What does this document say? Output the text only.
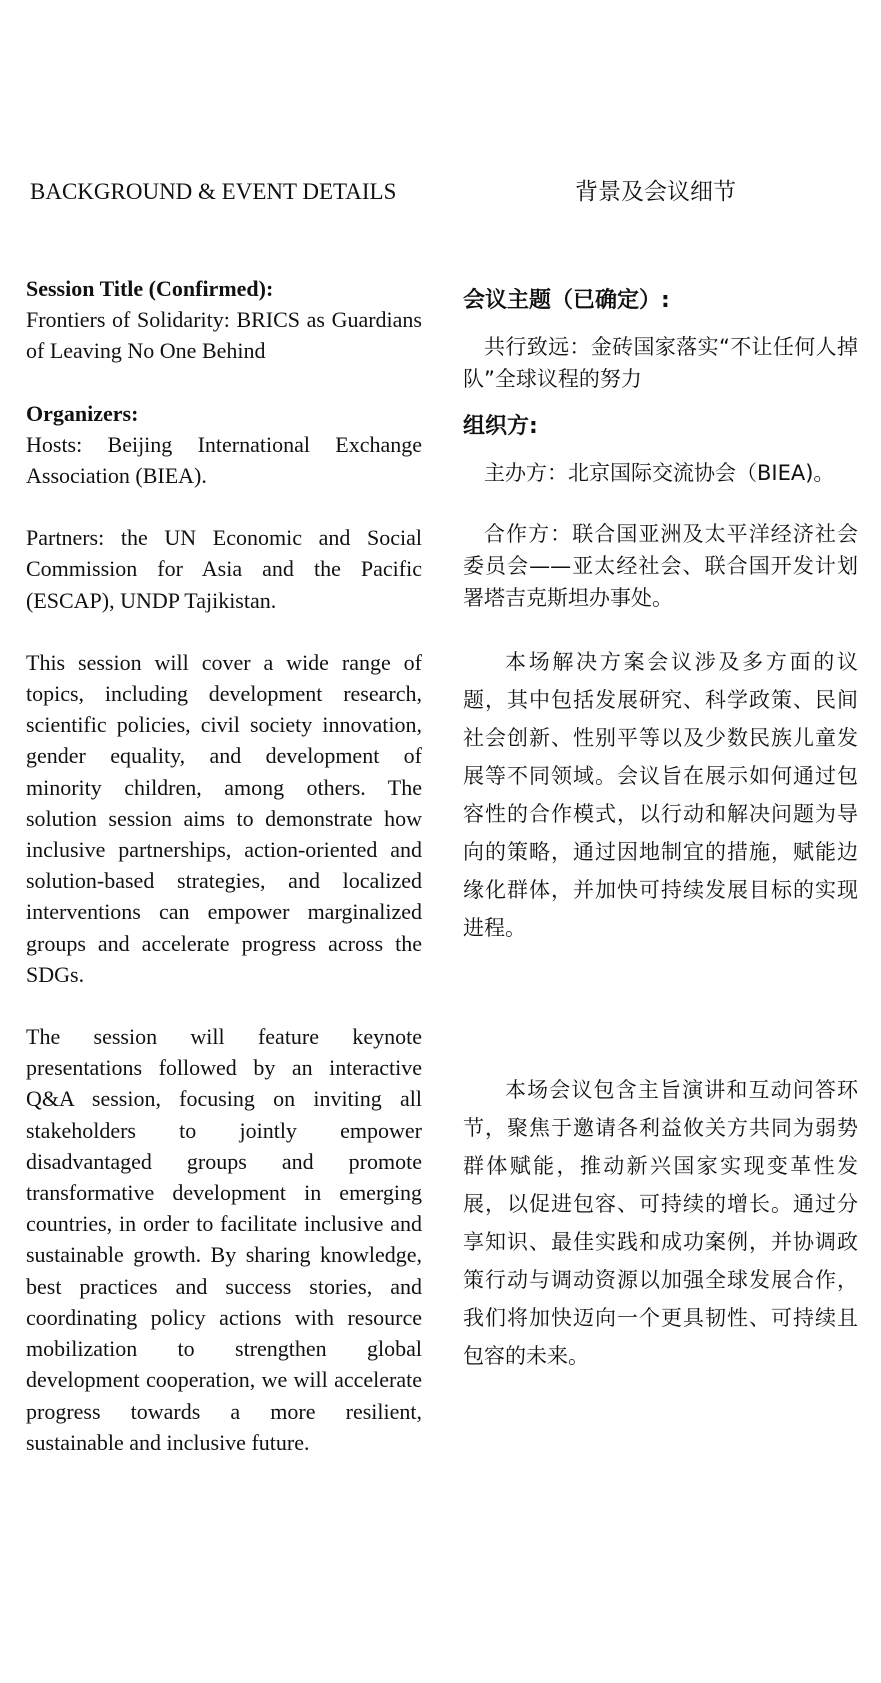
BACKGROUND & EVENT DETAILS	背景及会议细节

Session Title (Confirmed):
Frontiers of Solidarity: BRICS as Guardians of Leaving No One Behind

Organizers:
Hosts: Beijing International Exchange Association (BIEA).

Partners: the UN Economic and Social Commission for Asia and the Pacific (ESCAP), UNDP Tajikistan.

This session will cover a wide range of topics, including development research, scientific policies, civil society innovation, gender equality, and development of minority children, among others. The solution session aims to demonstrate how inclusive partnerships, action-oriented and solution-based strategies, and localized interventions can empower marginalized groups and accelerate progress across the SDGs.

The session will feature keynote presentations followed by an interactive Q&A session, focusing on inviting all stakeholders to jointly empower disadvantaged groups and promote transformative development in emerging countries, in order to facilitate inclusive and sustainable growth. By sharing knowledge, best practices and success stories, and coordinating policy actions with resource mobilization to strengthen global development cooperation, we will accelerate progress towards a more resilient, sustainable and inclusive future.

会议主题（已确定）:
共行致远：金砖国家落实“不让任何人掉队”全球议程的努力
组织方:
主办方：北京国际交流协会（BIEA)。
合作方：联合国亚洲及太平洋经济社会委员会——亚太经社会、联合国开发计划署塔吉克斯坦办事处。
本场解决方案会议涉及多方面的议题，其中包括发展研究、科学政策、民间社会创新、性别平等以及少数民族儿童发展等不同领域。会议旨在展示如何通过包容性的合作模式，以行动和解决问题为导向的策略，通过因地制宜的措施，赋能边缘化群体，并加快可持续发展目标的实现进程。
本场会议包含主旨演讲和互动问答环节，聚焦于邀请各利益攸关方共同为弱势群体赋能，推动新兴国家实现变革性发展，以促进包容、可持续的增长。通过分享知识、最佳实践和成功案例，并协调政策行动与调动资源以加强全球发展合作，我们将加快迈向一个更具韧性、可持续且包容的未来。
